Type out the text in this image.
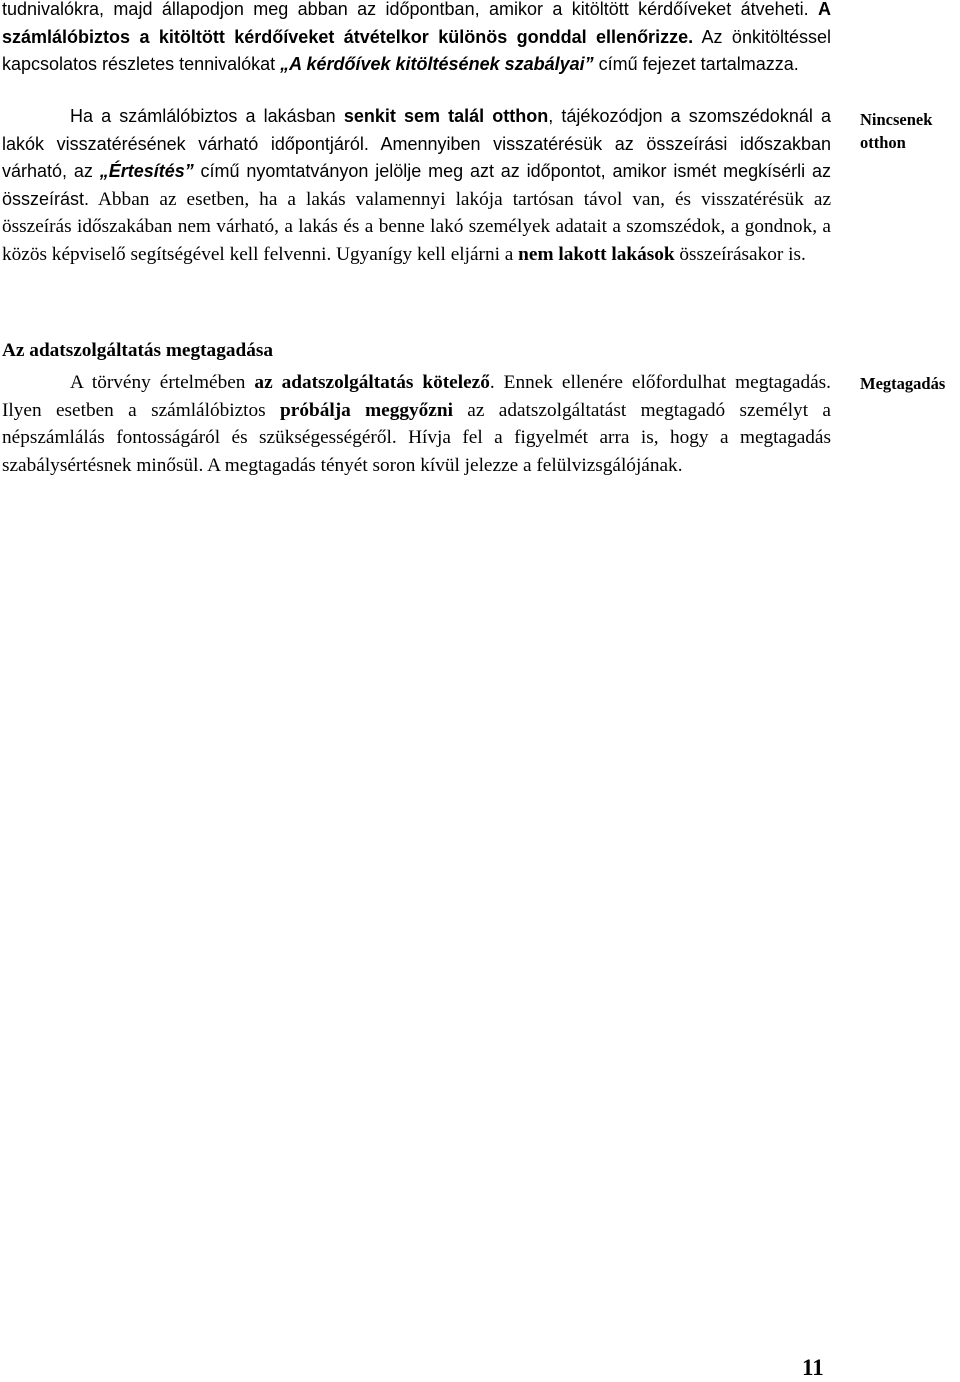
tudnivalókra, majd állapodjon meg abban az időpontban, amikor a kitöltött kérdőíveket átveheti. A számlálóbiztos a kitöltött kérdőíveket átvételkor különös gonddal ellenőrizze. Az önkitöltéssel kapcsolatos részletes tennivalókat „A kérdőívek kitöltésének szabályai” című fejezet tartalmazza.

Ha a számlálóbiztos a lakásban senkit sem talál otthon, tájékozódjon a szomszédoknál a lakók visszatérésének várható időpontjáról. Amennyiben visszatérésük az összeírási időszakban várható, az „Értesítés” című nyomtatványon jelölje meg azt az időpontot, amikor ismét megkísérli az összeírást. Abban az esetben, ha a lakás valamennyi lakója tartósan távol van, és visszatérésük az összeírás időszakában nem várható, a lakás és a benne lakó személyek adatait a szomszédok, a gondnok, a közös képviselő segítségével kell felvenni. Ugyanígy kell eljárni a nem lakott lakások összeírásakor is.

Az adatszolgáltatás megtagadása

A törvény értelmében az adatszolgáltatás kötelező. Ennek ellenére előfordulhat megtagadás. Ilyen esetben a számlálóbiztos próbálja meggyőzni az adatszolgáltatást megtagadó személyt a népszámlálás fontosságáról és szükségességéről. Hívja fel a figyelmét arra is, hogy a megtagadás szabálysértésnek minősül. A megtagadás tényét soron kívül jelezze a felülvizsgálójának.

Nincsenek
otthon
Megtagadás
11
